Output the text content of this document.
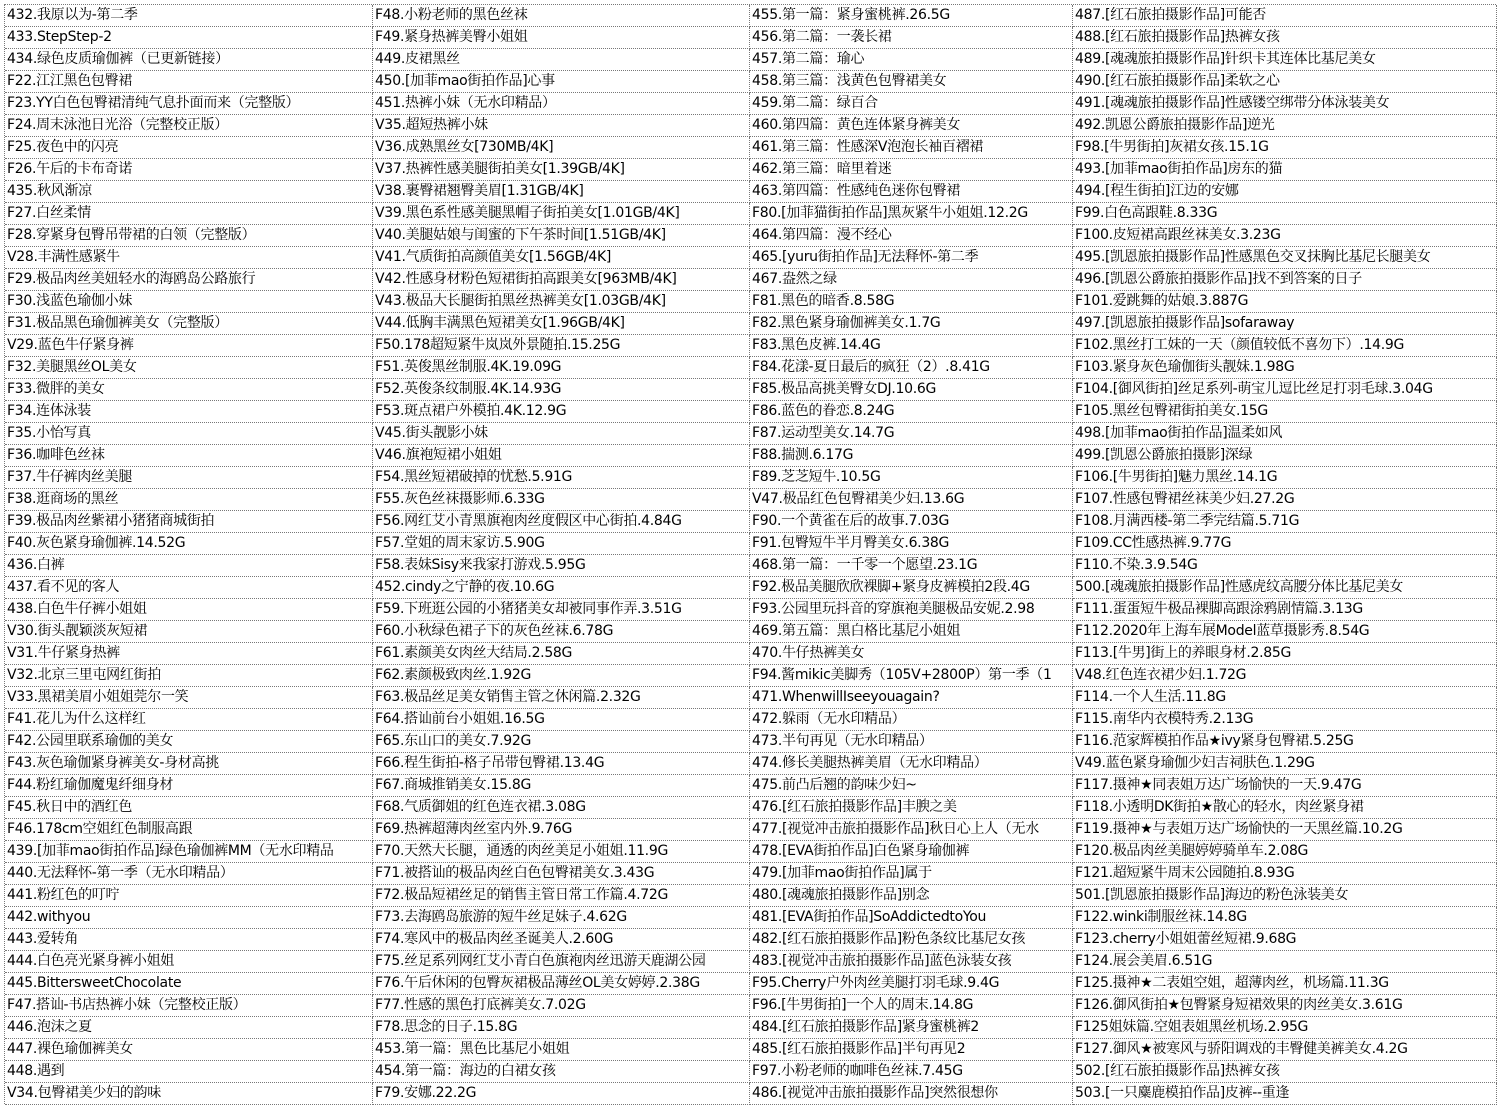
432.我原以为-第二季	F48.小粉老师的黑色丝袜	455.第一篇：紧身蜜桃裤.26.5G	487.[红石旅拍摄影作品]可能否
433.StepStep-2	F49.紧身热裤美臀小姐姐	456.第二篇：一袭长裙	488.[红石旅拍摄影作品]热裤女孩
434.绿色皮质瑜伽裤（已更新链接）	449.皮裙黑丝	457.第二篇：瑜心	489.[魂魂旅拍摄影作品]针织卡其连体比基尼美女
F22.江江黑色包臀裙	450.[加菲mao街拍作品]心事	458.第三篇：浅黄色包臀裙美女	490.[红石旅拍摄影作品]柔软之心
F23.YY白色包臀裙清纯气息扑面而来（完整版）	451.热裤小妹（无水印精品）	459.第二篇：绿百合	491.[魂魂旅拍摄影作品]性感镂空绑带分体泳装美女
F24.周末泳池日光浴（完整校正版）	V35.超短热裤小妹	460.第四篇：黄色连体紧身裤美女	492.凯恩公爵旅拍摄影作品]逆光
F25.夜色中的闪亮	V36.成熟黑丝女[730MB/4K]	461.第三篇：性感深V泡泡长袖百褶裙	F98.[牛男街拍]灰裙女孩.15.1G
F26.午后的卡布奇诺	V37.热裤性感美腿街拍美女[1.39GB/4K]	462.第三篇：暗里着迷	493.[加菲mao街拍作品]房东的猫
435.秋风渐凉	V38.裹臀裙翘臀美眉[1.31GB/4K]	463.第四篇：性感纯色迷你包臀裙	494.[程生街拍]江边的安娜
F27.白丝柔情	V39.黑色系性感美腿黑帽子街拍美女[1.01GB/4K]	F80.[加菲猫街拍作品]黑灰紧牛小姐姐.12.2G	F99.白色高跟鞋.8.33G
F28.穿紧身包臀吊带裙的白领（完整版）	V40.美腿姑娘与闺蜜的下午茶时间[1.51GB/4K]	464.第四篇：漫不经心	F100.皮短裙高跟丝袜美女.3.23G
V28.丰满性感紧牛	V41.气质街拍高颜值美女[1.56GB/4K]	465.[yuru街拍作品]无法释怀-第二季	495.[凯恩旅拍摄影作品]性感黑色交叉抹胸比基尼长腿美女
F29.极品肉丝美妞轻水的海鸥岛公路旅行	V42.性感身材粉色短裙街拍高跟美女[963MB/4K]	467.盎然之绿	496.[凯恩公爵旅拍摄影作品]找不到答案的日子
F30.浅蓝色瑜伽小妹	V43.极品大长腿街拍黑丝热裤美女[1.03GB/4K]	F81.黑色的暗香.8.58G	F101.爱跳舞的姑娘.3.887G
F31.极品黑色瑜伽裤美女（完整版）	V44.低胸丰满黑色短裙美女[1.96GB/4K]	F82.黑色紧身瑜伽裤美女.1.7G	497.[凯恩旅拍摄影作品]sofaraway
V29.蓝色牛仔紧身裤	F50.178超短紧牛岚岚外景随拍.15.25G	F83.黑色皮裤.14.4G	F102.黑丝打工妹的一天（颜值较低不喜勿下）.14.9G
F32.美腿黑丝OL美女	F51.英俊黑丝制服.4K.19.09G	F84.花漾-夏日最后的疯狂（2）.8.41G	F103.紧身灰色瑜伽街头靓妹.1.98G
F33.微胖的美女	F52.英俊条纹制服.4K.14.93G	F85.极品高挑美臀女DJ.10.6G	F104.[御风街拍]丝足系列-萌宝儿逗比丝足打羽毛球.3.04G
F34.连体泳装	F53.斑点裙户外模拍.4K.12.9G	F86.蓝色的眷恋.8.24G	F105.黑丝包臀裙街拍美女.15G
F35.小怡写真	V45.街头靓影小妹	F87.运动型美女.14.7G	498.[加菲mao街拍作品]温柔如风
F36.咖啡色丝袜	V46.旗袍短裙小姐姐	F88.揣测.6.17G	499.[凯恩公爵旅拍摄影]深绿
F37.牛仔裤肉丝美腿	F54.黑丝短裙破掉的忧愁.5.91G	F89.芝芝短牛.10.5G	F106.[牛男街拍]魅力黑丝.14.1G
F38.逛商场的黑丝	F55.灰色丝袜摄影师.6.33G	V47.极品红色包臀裙美少妇.13.6G	F107.性感包臀裙丝袜美少妇.27.2G
F39.极品肉丝紫裙小猪猪商城街拍	F56.网红艾小青黑旗袍肉丝度假区中心街拍.4.84G	F90.一个黄雀在后的故事.7.03G	F108.月满西楼-第二季完结篇.5.71G
F40.灰色紧身瑜伽裤.14.52G	F57.堂姐的周末家访.5.90G	F91.包臀短牛半月臀美女.6.38G	F109.CC性感热裤.9.77G
436.白裤	F58.表妹Sisy来我家打游戏.5.95G	468.第一篇：一千零一个愿望.23.1G	F110.不染.3.9.54G
437.看不见的客人	452.cindy之宁静的夜.10.6G	F92.极品美腿欣欣裸脚+紧身皮裤模拍2段.4G	500.[魂魂旅拍摄影作品]性感虎纹高腰分体比基尼美女
438.白色牛仔裤小姐姐	F59.下班逛公园的小猪猪美女却被同事作弄.3.51G	F93.公园里玩抖音的穿旗袍美腿极品安妮.2.98	F111.蛋蛋短牛极品裸脚高跟涂鸦剧情篇.3.13G
V30.街头靓颖淡灰短裙	F60.小秋绿色裙子下的灰色丝袜.6.78G	469.第五篇：黑白格比基尼小姐姐	F112.2020年上海车展Model蓝草摄影秀.8.54G
V31.牛仔紧身热裤	F61.素颜美女肉丝大结局.2.58G	470.牛仔热裤美女	F113.[牛男]街上的养眼身材.2.85G
V32.北京三里屯网红街拍	F62.素颜极致肉丝.1.92G	F94.酱mikic美脚秀（105V+2800P）第一季（1	V48.红色连衣裙少妇.1.72G
V33.黑裙美眉小姐姐莞尔一笑	F63.极品丝足美女销售主管之休闲篇.2.32G	471.WhenwillIseeyouagain?	F114.一个人生活.11.8G
F41.花儿为什么这样红	F64.搭讪前台小姐姐.16.5G	472.躲雨（无水印精品）	F115.南华内衣模特秀.2.13G
F42.公园里联系瑜伽的美女	F65.东山口的美女.7.92G	473.半句再见（无水印精品）	F116.范家辉模拍作品★ivy紧身包臀裙.5.25G
F43.灰色瑜伽紧身裤美女-身材高挑	F66.程生街拍-格子吊带包臀裙.13.4G	474.修长美腿热裤美眉（无水印精品）	V49.蓝色紧身瑜伽少妇吉祠肤色.1.29G
F44.粉红瑜伽魔鬼纤细身材	F67.商城推销美女.15.8G	475.前凸后翘的韵味少妇~	F117.摄神★同表姐万达广场愉快的一天.9.47G
F45.秋日中的酒红色	F68.气质御姐的红色连衣裙.3.08G	476.[红石旅拍摄影作品]丰腴之美	F118.小透明DK街拍★散心的轻水，肉丝紧身裙
F46.178cm空姐红色制服高跟	F69.热裤超薄肉丝室内外.9.76G	477.[视觉冲击旅拍摄影作品]秋日心上人（无水	F119.摄神★与表姐万达广场愉快的一天黑丝篇.10.2G
439.[加菲mao街拍作品]绿色瑜伽裤MM（无水印精品	F70.天然大长腿，通透的肉丝美足小姐姐.11.9G	478.[EVA街拍作品]白色紧身瑜伽裤	F120.极品肉丝美腿婷婷骑单车.2.08G
440.无法释怀-第一季（无水印精品）	F71.被搭讪的极品肉丝白色包臀裙美女.3.43G	479.[加菲mao街拍作品]属于	F121.超短紧牛周末公园随拍.8.93G
441.粉红色的叮咛	F72.极品短裙丝足的销售主管日常工作篇.4.72G	480.[魂魂旅拍摄影作品]别念	501.[凯恩旅拍摄影作品]海边的粉色泳装美女
442.withyou	F73.去海鸥岛旅游的短牛丝足妹子.4.62G	481.[EVA街拍作品]SoAddictedtoYou	F122.winki制服丝袜.14.8G
443.爱转角	F74.寒风中的极品肉丝圣诞美人.2.60G	482.[红石旅拍摄影作品]粉色条纹比基尼女孩	F123.cherry小姐姐蕾丝短裙.9.68G
444.白色亮光紧身裤小姐姐	F75.丝足系列网红艾小青白色旗袍肉丝迅游天鹿湖公园	483.[视觉冲击旅拍摄影作品]蓝色泳装女孩	F124.展会美眉.6.51G
445.BittersweetChocolate	F76.午后休闲的包臀灰裙极品薄丝OL美女婷婷.2.38G	F95.Cherry户外肉丝美腿打羽毛球.9.4G	F125.摄神★二表姐空姐，超薄肉丝，机场篇.11.3G
F47.搭讪-书店热裤小妹（完整校正版）	F77.性感的黑色打底裤美女.7.02G	F96.[牛男街拍]一个人的周末.14.8G	F126.御风街拍★包臀紧身短裙效果的肉丝美女.3.61G
446.泡沫之夏	F78.思念的日子.15.8G	484.[红石旅拍摄影作品]紧身蜜桃裤2	F125姐妹篇.空姐表姐黑丝机场.2.95G
447.裸色瑜伽裤美女	453.第一篇：黑色比基尼小姐姐	485.[红石旅拍摄影作品]半句再见2	F127.御风★被寒风与骄阳调戏的丰臀健美裤美女.4.2G
448.遇到	454.第一篇：海边的白裙女孩	F97.小粉老师的咖啡色丝袜.7.45G	502.[红石旅拍摄影作品]热裤女孩
V34.包臀裙美少妇的韵味	F79.安娜.22.2G	486.[视觉冲击旅拍摄影作品]突然很想你	503.[一只麋鹿模拍作品]皮裤--重逢
